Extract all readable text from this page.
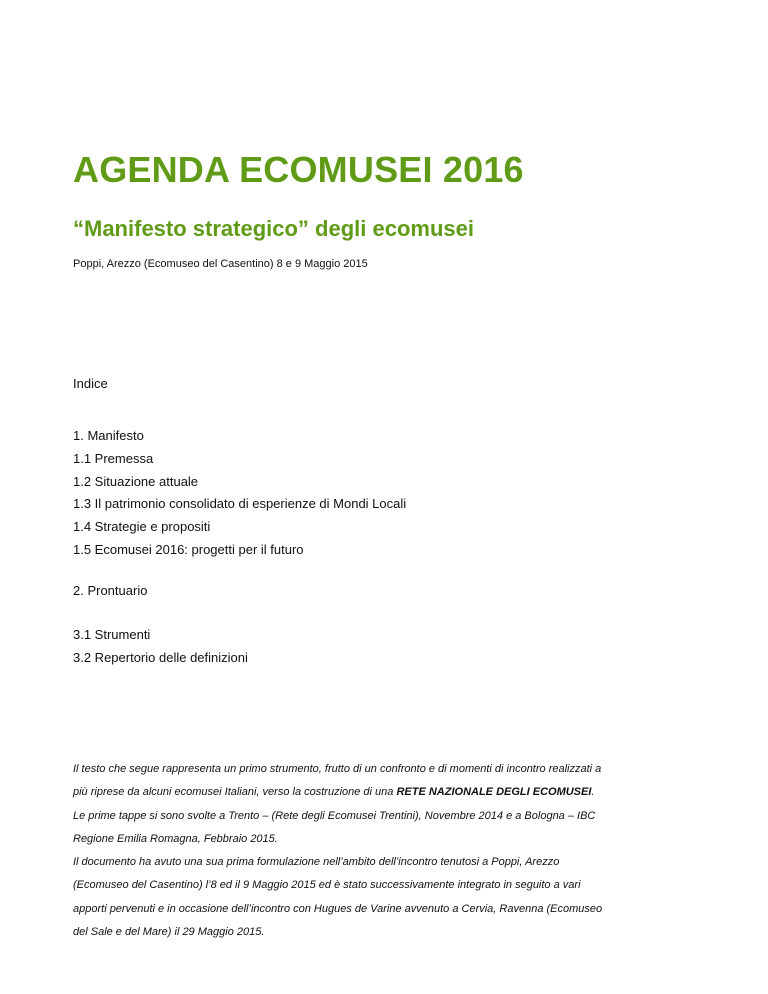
AGENDA ECOMUSEI 2016
“Manifesto strategico” degli ecomusei

Poppi, Arezzo (Ecomuseo del Casentino) 8 e 9 Maggio 2015

Indice

1. Manifesto
1.1 Premessa
1.2 Situazione attuale
1.3 Il patrimonio consolidato di esperienze di Mondi Locali
1.4 Strategie e propositi
1.5 Ecomusei 2016: progetti per il futuro
2. Prontuario
3.1 Strumenti
3.2 Repertorio delle definizioni
Il testo che segue rappresenta un primo strumento, frutto di un confronto e di momenti di incontro realizzati a
più riprese da alcuni ecomusei Italiani, verso la costruzione di una RETE NAZIONALE DEGLI ECOMUSEI.
Le prime tappe si sono svolte a Trento – (Rete degli Ecomusei Trentini), Novembre 2014 e a Bologna – IBC
Regione Emilia Romagna, Febbraio 2015.
Il documento ha avuto una sua prima formulazione nell’ambito dell’incontro tenutosi a Poppi, Arezzo
(Ecomuseo del Casentino) l’8 ed il 9 Maggio 2015 ed è stato successivamente integrato in seguito a vari
apporti pervenuti e in occasione dell’incontro con Hugues de Varine avvenuto a Cervia, Ravenna (Ecomuseo
del Sale e del Mare) il 29 Maggio 2015.
